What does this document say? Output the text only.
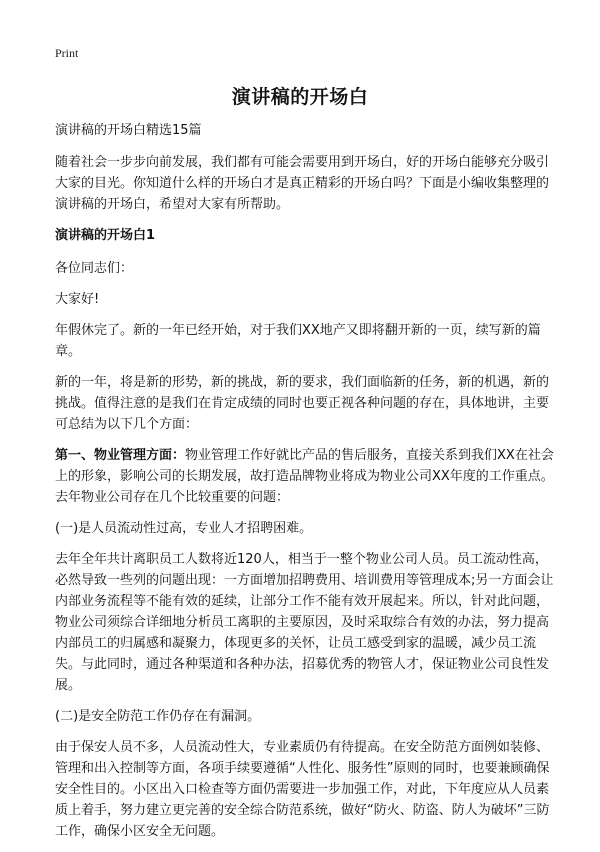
Print
演讲稿的开场白

演讲稿的开场白精选15篇

随着社会一步步向前发展，我们都有可能会需要用到开场白，好的开场白能够充分吸引大家的目光。你知道什么样的开场白才是真正精彩的开场白吗？下面是小编收集整理的演讲稿的开场白，希望对大家有所帮助。

演讲稿的开场白1

各位同志们：

大家好!

年假休完了。新的一年已经开始，对于我们XX地产又即将翻开新的一页，续写新的篇章。

新的一年，将是新的形势，新的挑战，新的要求，我们面临新的任务，新的机遇，新的挑战。值得注意的是我们在肯定成绩的同时也要正视各种问题的存在，具体地讲，主要可总结为以下几个方面：

第一、物业管理方面：物业管理工作好就比产品的售后服务，直接关系到我们XX在社会上的形象，影响公司的长期发展，故打造品牌物业将成为物业公司XX年度的工作重点。去年物业公司存在几个比较重要的问题：

(一)是人员流动性过高，专业人才招聘困难。

去年全年共计离职员工人数将近120人，相当于一整个物业公司人员。员工流动性高，必然导致一些列的问题出现：一方面增加招聘费用、培训费用等管理成本;另一方面会让内部业务流程等不能有效的延续，让部分工作不能有效开展起来。所以，针对此问题，物业公司须综合详细地分析员工离职的主要原因，及时采取综合有效的办法，努力提高内部员工的归属感和凝聚力，体现更多的关怀，让员工感受到家的温暖，减少员工流失。与此同时，通过各种渠道和各种办法，招募优秀的物管人才，保证物业公司良性发展。

(二)是安全防范工作仍存在有漏洞。

由于保安人员不多，人员流动性大，专业素质仍有待提高。在安全防范方面例如装修、管理和出入控制等方面，各项手续要遵循“人性化、服务性”原则的同时，也要兼顾确保安全性目的。小区出入口检查等方面仍需要进一步加强工作，对此，下年度应从人员素质上着手，努力建立更完善的安全综合防范系统，做好“防火、防盗、防人为破坏”三防工作，确保小区安全无问题。
